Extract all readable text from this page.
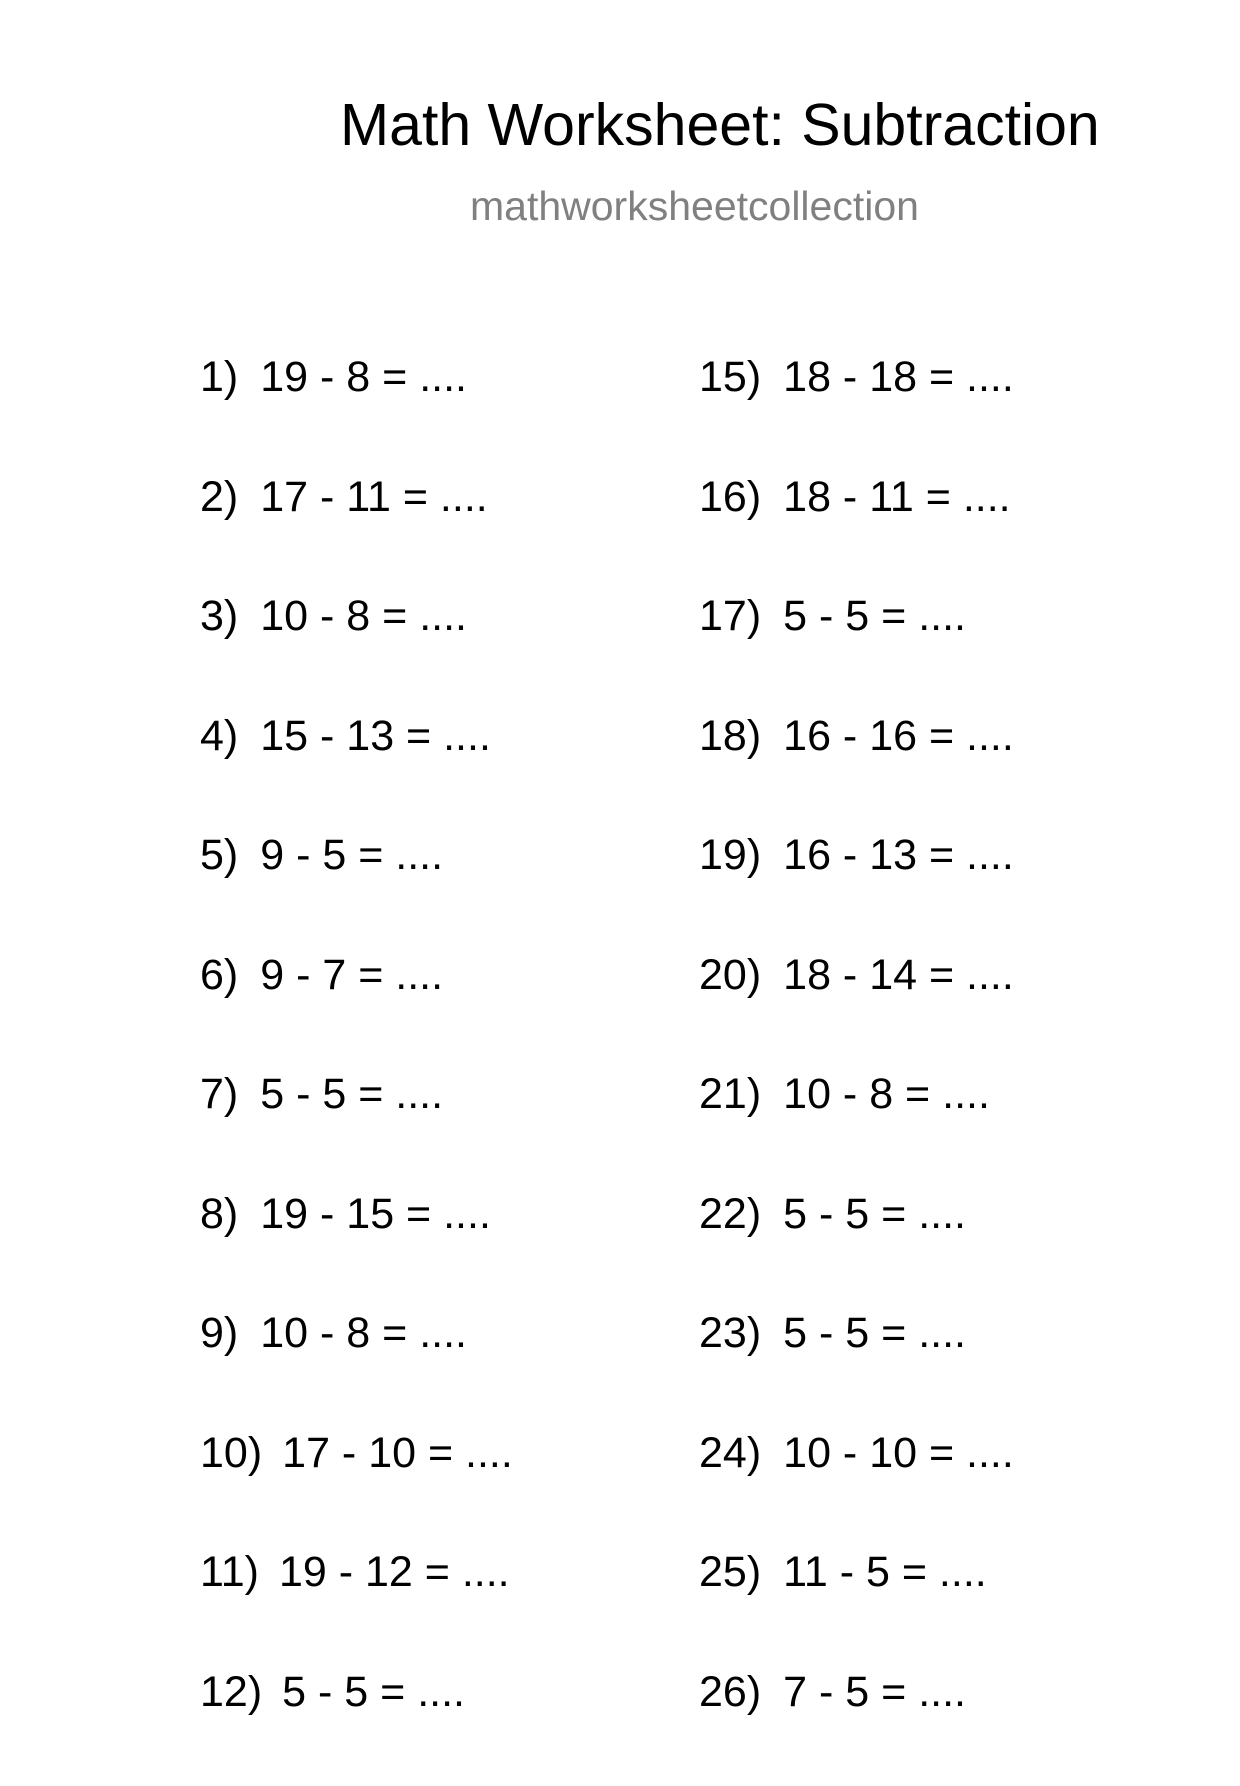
Math Worksheet: Subtraction
mathworksheetcollection
1) 19 - 8 = ....
2) 17 - 11 = ....
3) 10 - 8 = ....
4) 15 - 13 = ....
5) 9 - 5 = ....
6) 9 - 7 = ....
7) 5 - 5 = ....
8) 19 - 15 = ....
9) 10 - 8 = ....
10) 17 - 10 = ....
11) 19 - 12 = ....
12) 5 - 5 = ....
15) 18 - 18 = ....
16) 18 - 11 = ....
17) 5 - 5 = ....
18) 16 - 16 = ....
19) 16 - 13 = ....
20) 18 - 14 = ....
21) 10 - 8 = ....
22) 5 - 5 = ....
23) 5 - 5 = ....
24) 10 - 10 = ....
25) 11 - 5 = ....
26) 7 - 5 = ....
